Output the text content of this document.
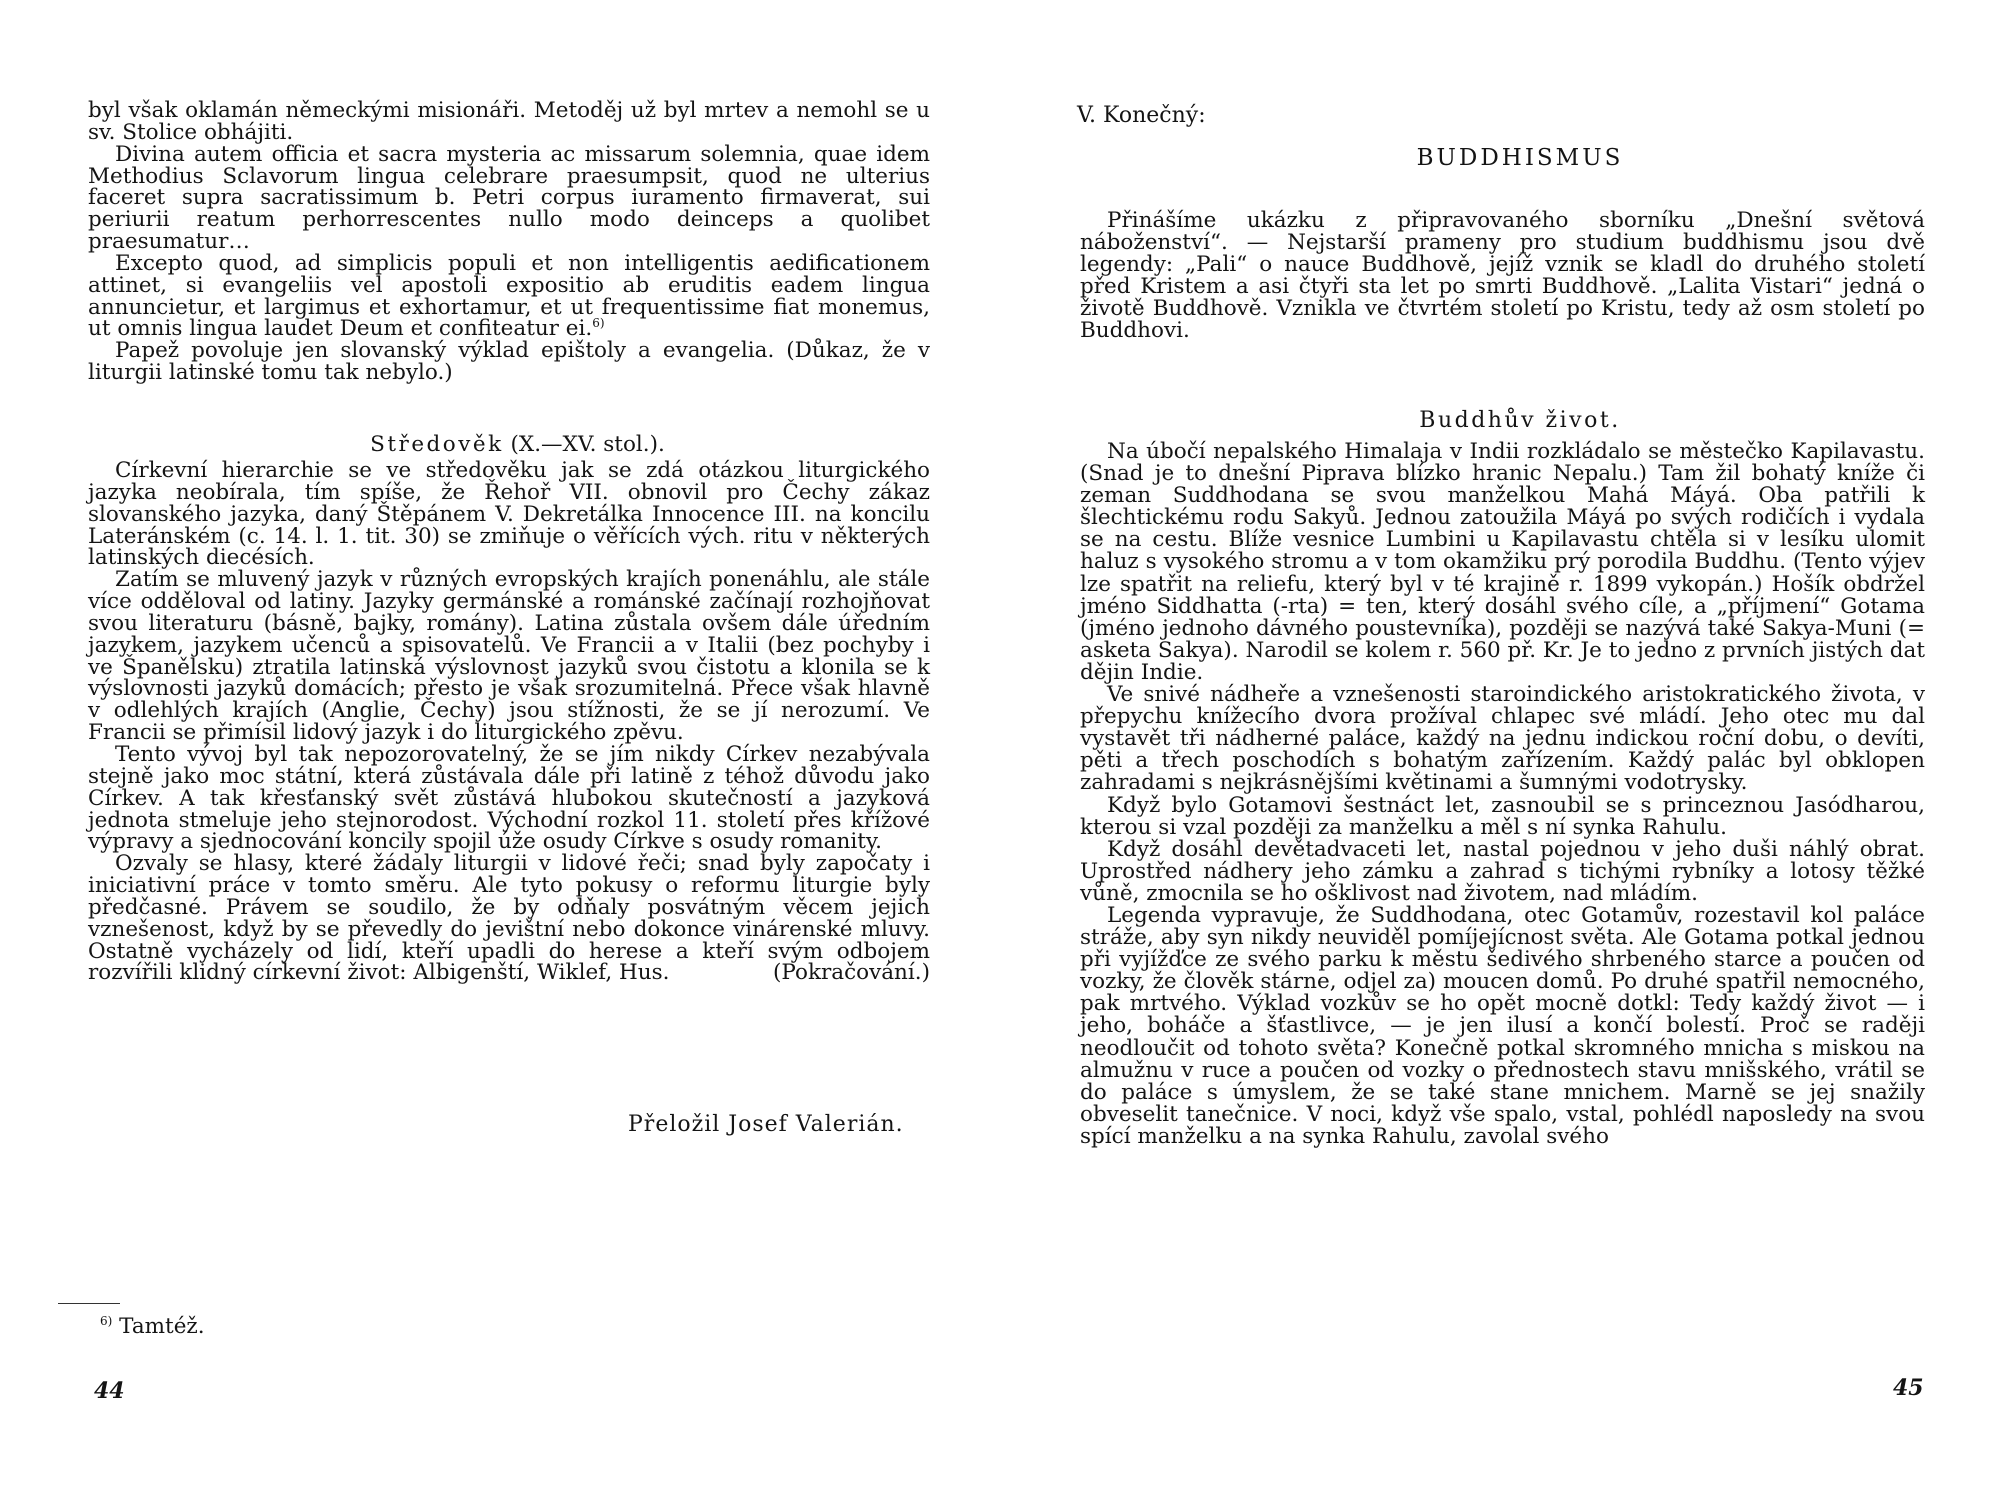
byl však oklamán německými misionáři. Metoděj už byl mrtev a nemohl se u sv. Stolice obhájiti.

Divina autem officia et sacra mysteria ac missarum solemnia, quae idem Methodius Sclavorum lingua celebrare praesumpsit, quod ne ulterius faceret supra sacratissimum b. Petri corpus iuramento firmaverat, sui periurii reatum perhorrescentes nullo modo deinceps a quolibet praesumatur…

Excepto quod, ad simplicis populi et non intelligentis aedificationem attinet, si evangeliis vel apostoli expositio ab eruditis eadem lingua annuncietur, et largimus et exhortamur, et ut frequentissime fiat monemus, ut omnis lingua laudet Deum et confiteatur ei.$^{6)}$

Papež povoluje jen slovanský výklad epištoly a evangelia. (Důkaz, že v liturgii latinské tomu tak nebylo.)

Středověk (X.—XV. stol.).

Církevní hierarchie se ve středověku jak se zdá otázkou liturgického jazyka neobírala, tím spíše, že Řehoř VII. obnovil pro Čechy zákaz slovanského jazyka, daný Štěpánem V. Dekretálka Innocence III. na koncilu Lateránském (c. 14. l. 1. tit. 30) se zmiňuje o věřících vých. ritu v některých latinských diecésích.

Zatím se mluvený jazyk v různých evropských krajích ponenáhlu, ale stále více odděloval od latiny. Jazyky germánské a románské začínají rozhojňovat svou literaturu (básně, bajky, romány). Latina zůstala ovšem dále úředním jazykem, jazykem učenců a spisovatelů. Ve Francii a v Italii (bez pochyby i ve Španělsku) ztratila latinská výslovnost jazyků svou čistotu a klonila se k výslovnosti jazyků domácích; přesto je však srozumitelná. Přece však hlavně v odlehlých krajích (Anglie, Čechy) jsou stížnosti, že se jí nerozumí. Ve Francii se přimísil lidový jazyk i do liturgického zpěvu.

Tento vývoj byl tak nepozorovatelný, že se jím nikdy Církev nezabývala stejně jako moc státní, která zůstávala dále při latině z téhož důvodu jako Církev. A tak křesťanský svět zůstává hlubokou skutečností a jazyková jednota stmeluje jeho stejnorodost. Východní rozkol 11. století přes křížové výpravy a sjednocování koncily spojil úže osudy Církve s osudy romanity.

Ozvaly se hlasy, které žádaly liturgii v lidové řeči; snad byly započaty i iniciativní práce v tomto směru. Ale tyto pokusy o reformu liturgie byly předčasné. Právem se soudilo, že by odňaly posvátným věcem jejich vznešenost, když by se převedly do jevištní nebo dokonce vinárenské mluvy. Ostatně vycházely od lidí, kteří upadli do herese a kteří svým odbojem rozvířili klidný církevní život: Albigenští, Wiklef, Hus.	(Pokračování.)

Přeložil Josef Valerián.
$^{6)}$ Tamtéž.
44
V. Konečný:
BUDDHISMUS

Přinášíme ukázku z připravovaného sborníku „Dnešní světová náboženství“. — Nejstarší prameny pro studium buddhismu jsou dvě legendy: „Pali“ o nauce Buddhově, jejíž vznik se kladl do druhého století před Kristem a asi čtyři sta let po smrti Buddhově. „Lalita Vistari“ jedná o životě Buddhově. Vznikla ve čtvrtém století po Kristu, tedy až osm století po Buddhovi.

Buddhův život.

Na úbočí nepalského Himalaja v Indii rozkládalo se městečko Kapilavastu. (Snad je to dnešní Piprava blízko hranic Nepalu.) Tam žil bohatý kníže či zeman Suddhodana se svou manželkou Mahá Máyá. Oba patřili k šlechtickému rodu Sakyů. Jednou zatoužila Máyá po svých rodičích i vydala se na cestu. Blíže vesnice Lumbini u Kapilavastu chtěla si v lesíku ulomit haluz s vysokého stromu a v tom okamžiku prý porodila Buddhu. (Tento výjev lze spatřit na reliefu, který byl v té krajině r. 1899 vykopán.) Hošík obdržel jméno Siddhatta (-rta) = ten, který dosáhl svého cíle, a „příjmení“ Gotama (jméno jednoho dávného poustevníka), později se nazývá také Sakya-Muni (= asketa Sakya). Narodil se kolem r. 560 př. Kr. Je to jedno z prvních jistých dat dějin Indie.

Ve snivé nádheře a vznešenosti staroindického aristokratického života, v přepychu knížecího dvora prožíval chlapec své mládí. Jeho otec mu dal vystavět tři nádherné paláce, každý na jednu indickou roční dobu, o devíti, pěti a třech poschodích s bohatým zařízením. Každý palác byl obklopen zahradami s nejkrásnějšími květinami a šumnými vodotrysky.

Když bylo Gotamovi šestnáct let, zasnoubil se s princeznou Jasódharou, kterou si vzal později za manželku a měl s ní synka Rahulu.

Když dosáhl devětadvaceti let, nastal pojednou v jeho duši náhlý obrat. Uprostřed nádhery jeho zámku a zahrad s tichými rybníky a lotosy těžké vůně, zmocnila se ho ošklivost nad životem, nad mládím.

Legenda vypravuje, že Suddhodana, otec Gotamův, rozestavil kol paláce stráže, aby syn nikdy neuviděl pomíjejícnost světa. Ale Gotama potkal jednou při vyjížďce ze svého parku k městu šedivého shrbeného starce a poučen od vozky, že člověk stárne, odjel za) moucen domů. Po druhé spatřil nemocného, pak mrtvého. Výklad vozkův se ho opět mocně dotkl: Tedy každý život — i jeho, boháče a šťastlivce, — je jen ilusí a končí bolestí. Proč se raději neodloučit od tohoto světa? Konečně potkal skromného mnicha s miskou na almužnu v ruce a poučen od vozky o přednostech stavu mnišského, vrátil se do paláce s úmyslem, že se také stane mnichem. Marně se jej snažily obveselit tanečnice. V noci, když vše spalo, vstal, pohlédl naposledy na svou spící manželku a na synka Rahulu, zavolal svého

45
